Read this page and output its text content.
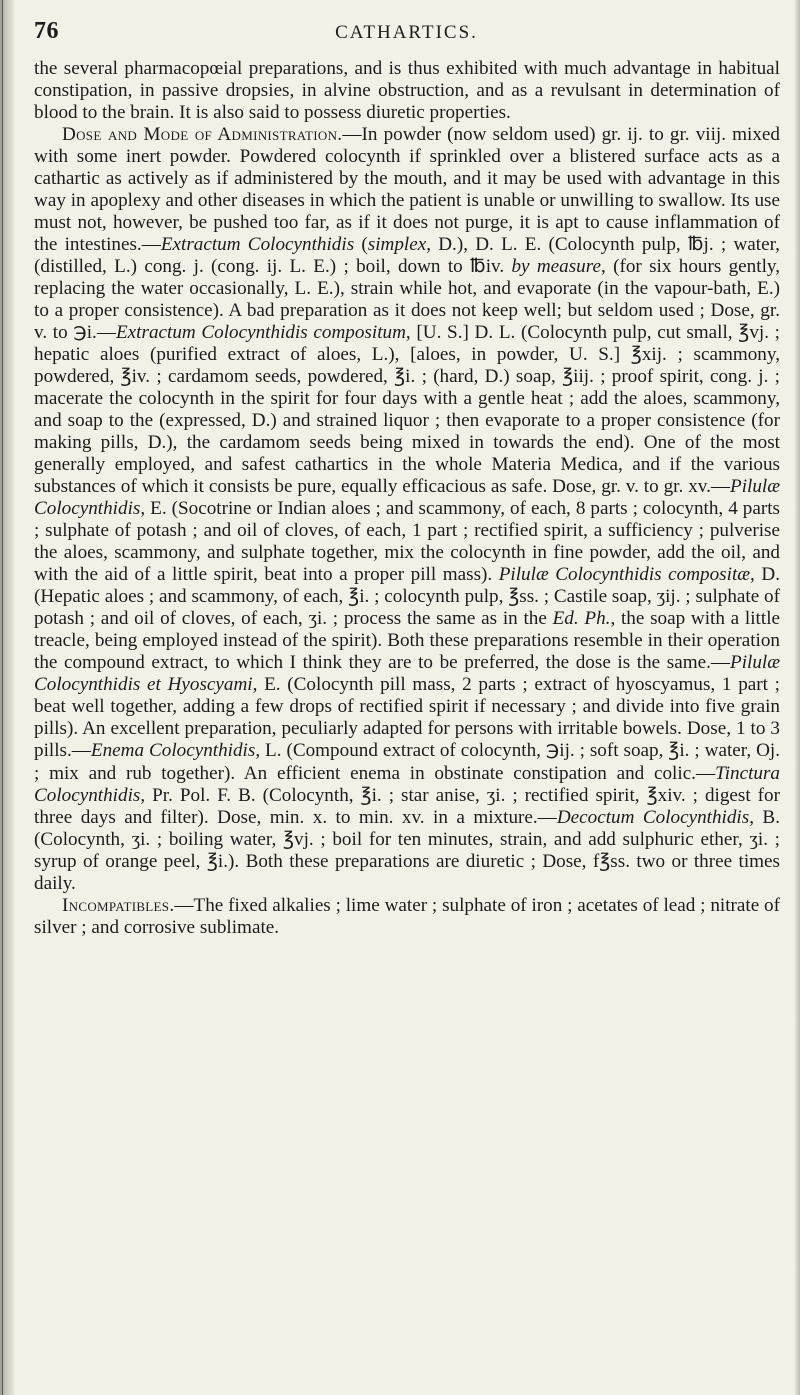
76	CATHARTICS.

the several pharmacopœial preparations, and is thus exhibited with much advantage in habitual constipation, in passive dropsies, in alvine obstruction, and as a revulsant in determination of blood to the brain. It is also said to possess diuretic properties.

Dose and Mode of Administration.—In powder (now seldom used) gr. ij. to gr. viij. mixed with some inert powder. Powdered colocynth if sprinkled over a blistered surface acts as a cathartic as actively as if administered by the mouth, and it may be used with advantage in this way in apoplexy and other diseases in which the patient is unable or unwilling to swallow. Its use must not, however, be pushed too far, as if it does not purge, it is apt to cause inflammation of the intestines.—Extractum Colocynthidis (simplex, D.), D. L. E. (Colocynth pulp, ℔j. ; water, (distilled, L.) cong. j. (cong. ij. L. E.) ; boil, down to ℔iv. by measure, (for six hours gently, replacing the water occasionally, L. E.), strain while hot, and evaporate (in the vapour-bath, E.) to a proper consistence). A bad preparation as it does not keep well; but seldom used ; Dose, gr. v. to ℈i.—Extractum Colocynthidis compositum, [U. S.] D. L. (Colocynth pulp, cut small, ℥vj. ; hepatic aloes (purified extract of aloes, L.), [aloes, in powder, U. S.] ℥xij. ; scammony, powdered, ℥iv. ; cardamom seeds, powdered, ℥i. ; (hard, D.) soap, ℥iij. ; proof spirit, cong. j. ; macerate the colocynth in the spirit for four days with a gentle heat ; add the aloes, scammony, and soap to the (expressed, D.) and strained liquor ; then evaporate to a proper consistence (for making pills, D.), the cardamom seeds being mixed in towards the end). One of the most generally employed, and safest cathartics in the whole Materia Medica, and if the various substances of which it consists be pure, equally efficacious as safe. Dose, gr. v. to gr. xv.—Pilulæ Colocynthidis, E. (Socotrine or Indian aloes ; and scammony, of each, 8 parts ; colocynth, 4 parts ; sulphate of potash ; and oil of cloves, of each, 1 part ; rectified spirit, a sufficiency ; pulverise the aloes, scammony, and sulphate together, mix the colocynth in fine powder, add the oil, and with the aid of a little spirit, beat into a proper pill mass). Pilulæ Colocynthidis compositæ, D. (Hepatic aloes ; and scammony, of each, ℥i. ; colocynth pulp, ℥ss. ; Castile soap, ʒij. ; sulphate of potash ; and oil of cloves, of each, ʒi. ; process the same as in the Ed. Ph., the soap with a little treacle, being employed instead of the spirit). Both these preparations resemble in their operation the compound extract, to which I think they are to be preferred, the dose is the same.—Pilulæ Colocynthidis et Hyoscyami, E. (Colocynth pill mass, 2 parts ; extract of hyoscyamus, 1 part ; beat well together, adding a few drops of rectified spirit if necessary ; and divide into five grain pills). An excellent preparation, peculiarly adapted for persons with irritable bowels. Dose, 1 to 3 pills.—Enema Colocynthidis, L. (Compound extract of colocynth, ℈ij. ; soft soap, ℥i. ; water, Oj. ; mix and rub together). An efficient enema in obstinate constipation and colic.—Tinctura Colocynthidis, Pr. Pol. F. B. (Colocynth, ℥i. ; star anise, ʒi. ; rectified spirit, ℥xiv. ; digest for three days and filter). Dose, min. x. to min. xv. in a mixture.—Decoctum Colocynthidis, B. (Colocynth, ʒi. ; boiling water, ℥vj. ; boil for ten minutes, strain, and add sulphuric ether, ʒi. ; syrup of orange peel, ℥i.). Both these preparations are diuretic ; Dose, f℥ss. two or three times daily.

Incompatibles.—The fixed alkalies ; lime water ; sulphate of iron ; acetates of lead ; nitrate of silver ; and corrosive sublimate.
